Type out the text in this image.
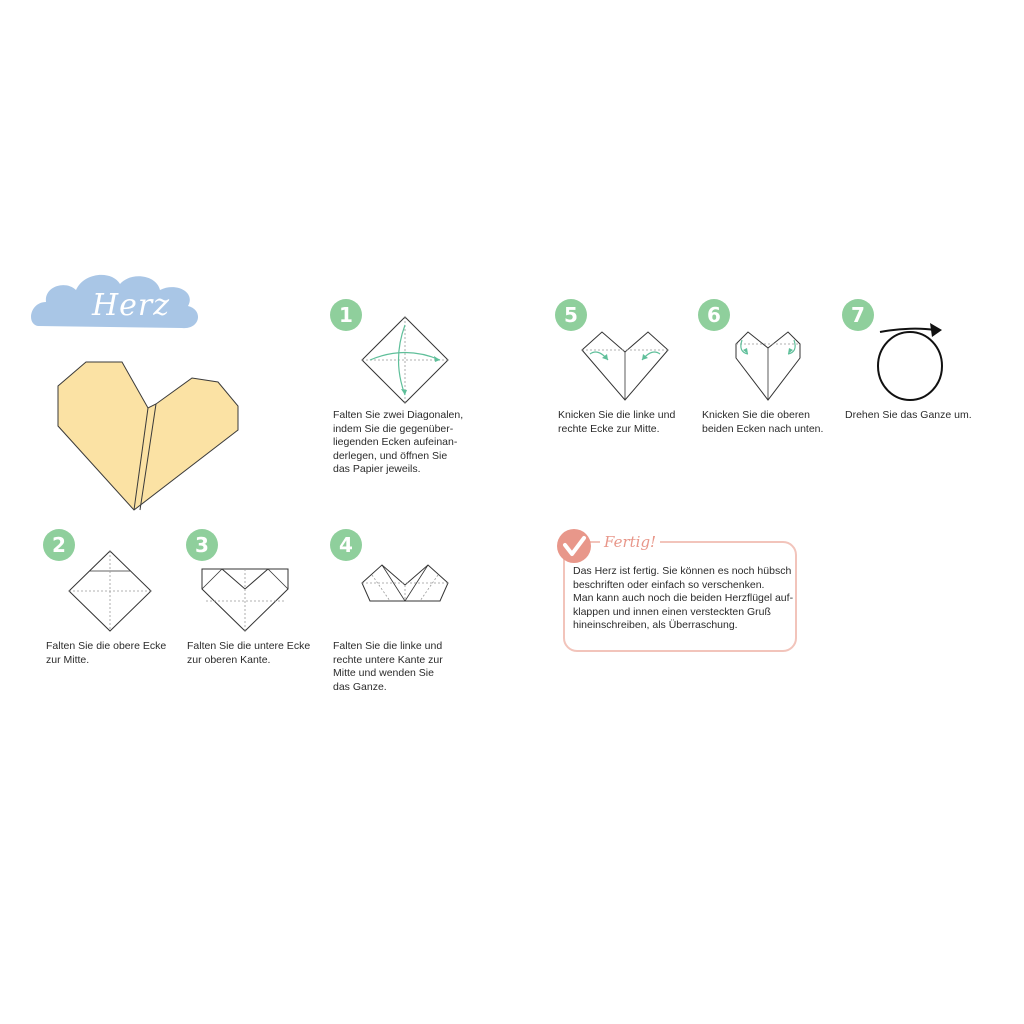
Herz	1
Falten Sie zwei Diagonalen,
indem Sie die gegenüber-
liegenden Ecken aufeinan-
derlegen, und öffnen Sie
das Papier jeweils.
2
Falten Sie die obere Ecke
zur Mitte.
3
Falten Sie die untere Ecke
zur oberen Kante.
4
Falten Sie die linke und
rechte untere Kante zur
Mitte und wenden Sie
das Ganze.
5
Knicken Sie die linke und
rechte Ecke zur Mitte.
6
Knicken Sie die oberen
beiden Ecken nach unten.
7
Drehen Sie das Ganze um.
Fertig!
Das Herz ist fertig. Sie können es noch hübsch
beschriften oder einfach so verschenken.
Man kann auch noch die beiden Herzflügel auf-
klappen und innen einen versteckten Gruß
hineinschreiben, als Überraschung.
